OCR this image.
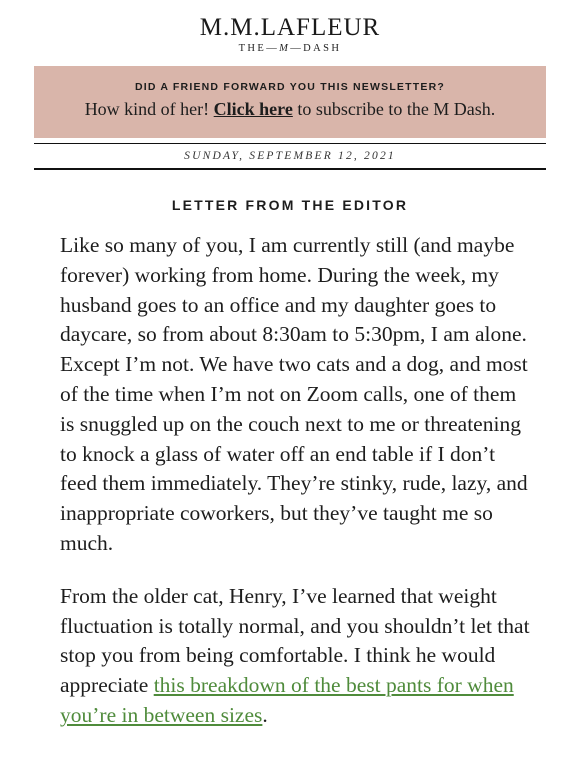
M.M.LAFLEUR
THE—M—DASH
DID A FRIEND FORWARD YOU THIS NEWSLETTER?
How kind of her! Click here to subscribe to the M Dash.
SUNDAY, SEPTEMBER 12, 2021
LETTER FROM THE EDITOR

Like so many of you, I am currently still (and maybe forever) working from home. During the week, my husband goes to an office and my daughter goes to daycare, so from about 8:30am to 5:30pm, I am alone. Except I’m not. We have two cats and a dog, and most of the time when I’m not on Zoom calls, one of them is snuggled up on the couch next to me or threatening to knock a glass of water off an end table if I don’t feed them immediately. They’re stinky, rude, lazy, and inappropriate coworkers, but they’ve taught me so much.

From the older cat, Henry, I’ve learned that weight fluctuation is totally normal, and you shouldn’t let that stop you from being comfortable. I think he would appreciate this breakdown of the best pants for when you’re in between sizes.
